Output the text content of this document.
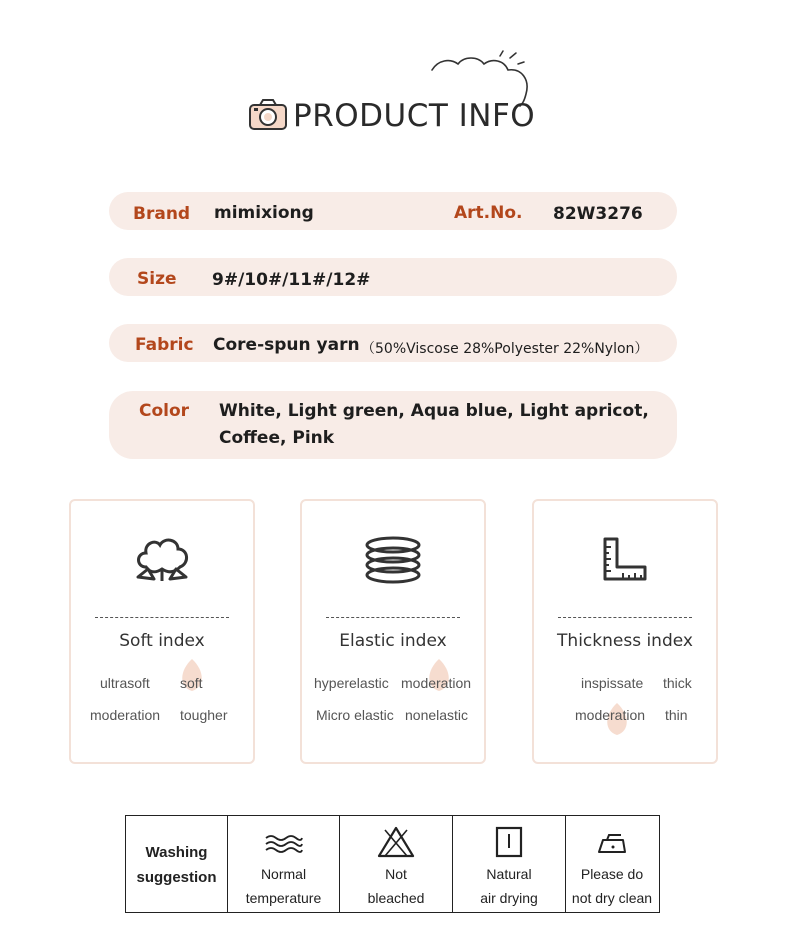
PRODUCT INFO
Brand mimixiong	Art.No. 82W3276
Size 9#/10#/11#/12#
Fabric Core-spun yarn （50%Viscose 28%Polyester 22%Nylon）
Color White, Light green, Aqua blue, Light apricot,
Coffee, Pink
Soft index
ultrasoft soft
moderation tougher
Elastic index
hyperelastic moderation
Micro elastic nonelastic
Thickness index
inspissate thick
moderation thin
Washing
suggestion	Normal
temperature
Not
bleached
Natural
air drying
Please do
not dry clean
